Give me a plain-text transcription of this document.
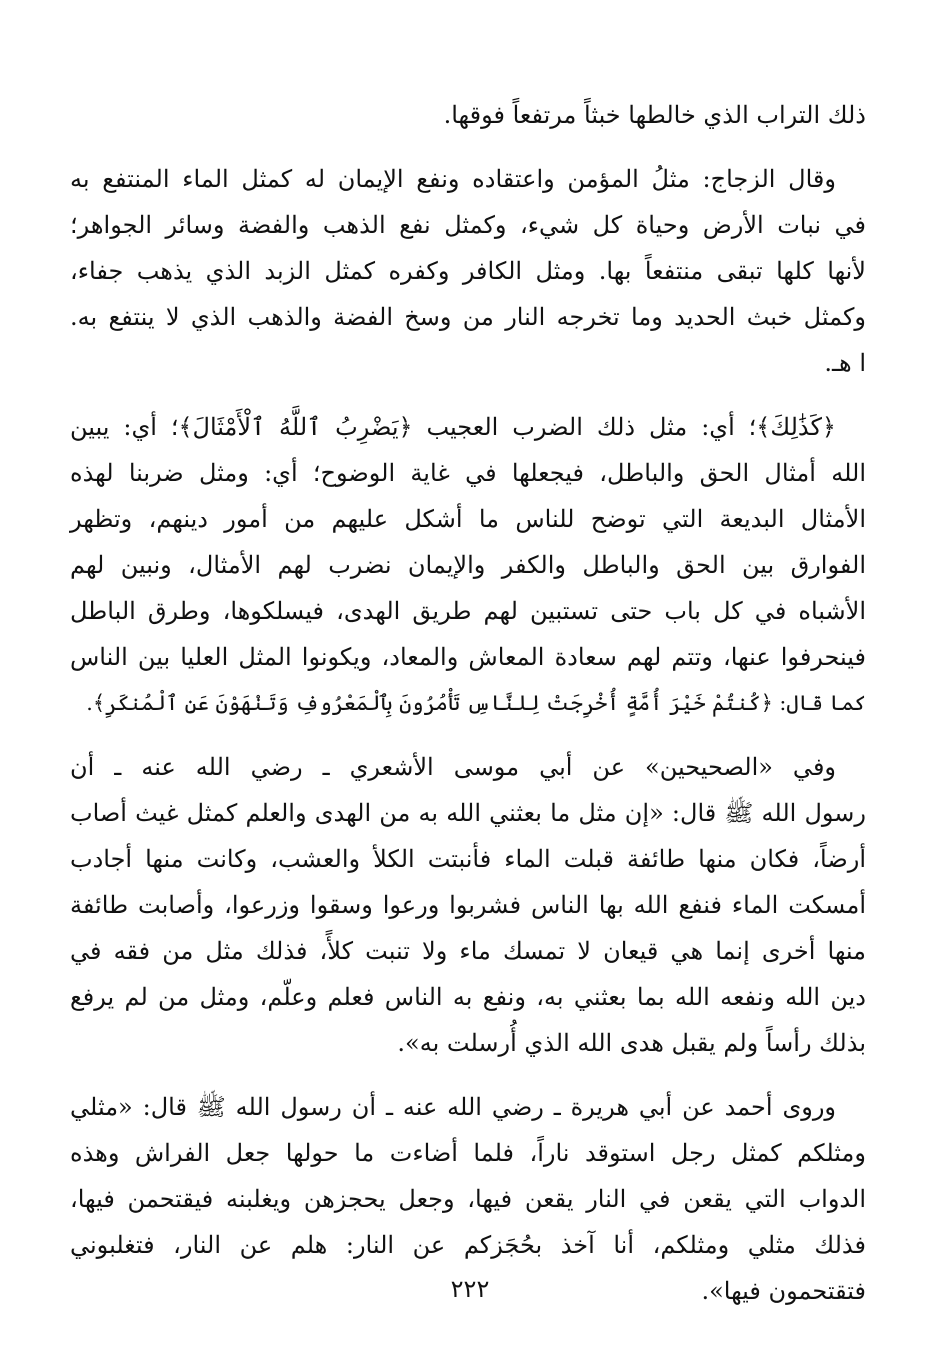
ذلك التراب الذي خالطها خبثاً مرتفعاً فوقها.

وقال الزجاج: مثلُ المؤمن واعتقاده ونفع الإيمان له كمثل الماء المنتفع به
في نبات الأرض وحياة كل شيء، وكمثل نفع الذهب والفضة وسائر الجواهر؛
لأنها كلها تبقى منتفعاً بها. ومثل الكافر وكفره كمثل الزبد الذي يذهب جفاء،
وكمثل خبث الحديد وما تخرجه النار من وسخ الفضة والذهب الذي لا ينتفع به.
ا هـ.

﴿كَذَٰلِكَ﴾؛ أي: مثل ذلك الضرب العجيب ﴿يَضْرِبُ ٱللَّهُ ٱلْأَمْثَالَ﴾؛ أي: يبين
الله أمثال الحق والباطل، فيجعلها في غاية الوضوح؛ أي: ومثل ضربنا لهذه
الأمثال البديعة التي توضح للناس ما أشكل عليهم من أمور دينهم، وتظهر
الفوارق بين الحق والباطل والكفر والإيمان نضرب لهم الأمثال، ونبين لهم
الأشباه في كل باب حتى تستبين لهم طريق الهدى، فيسلكوها، وطرق الباطل
فينحرفوا عنها، وتتم لهم سعادة المعاش والمعاد، ويكونوا المثل العليا بين الناس
كما قال: ﴿كُنتُمْ خَيْرَ أُمَّةٍ أُخْرِجَتْ لِلنَّاسِ تَأْمُرُونَ بِٱلْمَعْرُوفِ وَتَنْهَوْنَ عَنِ ٱلْمُنكَرِ﴾.

وفي «الصحيحين» عن أبي موسى الأشعري ـ رضي الله عنه ـ أن
رسول الله ﷺ قال: «إن مثل ما بعثني الله به من الهدى والعلم كمثل غيث أصاب
أرضاً، فكان منها طائفة قبلت الماء فأنبتت الكلأ والعشب، وكانت منها أجادب
أمسكت الماء فنفع الله بها الناس فشربوا ورعوا وسقوا وزرعوا، وأصابت طائفة
منها أخرى إنما هي قيعان لا تمسك ماء ولا تنبت كلأً، فذلك مثل من فقه في
دين الله ونفعه الله بما بعثني به، ونفع به الناس فعلم وعلّم، ومثل من لم يرفع
بذلك رأساً ولم يقبل هدى الله الذي أُرسلت به».

وروى أحمد عن أبي هريرة ـ رضي الله عنه ـ أن رسول الله ﷺ قال: «مثلي
ومثلكم كمثل رجل استوقد ناراً، فلما أضاءت ما حولها جعل الفراش وهذه
الدواب التي يقعن في النار يقعن فيها، وجعل يحجزهن ويغلبنه فيقتحمن فيها،
فذلك مثلي ومثلكم، أنا آخذ بحُجَزكم عن النار: هلم عن النار، فتغلبوني
فتقتحمون فيها».

٢٢٢
